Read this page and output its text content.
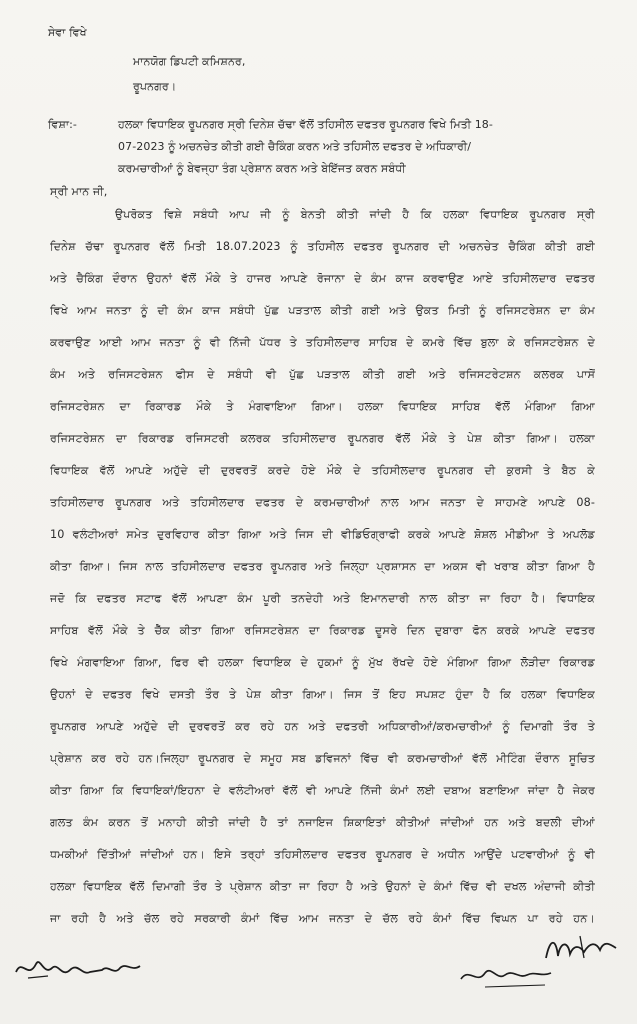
ਸੇਵਾ ਵਿਖੇ
ਮਾਨਯੋਗ ਡਿਪਟੀ ਕਮਿਸ਼ਨਰ,
ਰੂਪਨਗਰ।
ਵਿਸ਼ਾ:-	ਹਲਕਾ ਵਿਧਾਇਕ ਰੂਪਨਗਰ ਸ੍ਰੀ ਦਿਨੇਸ਼ ਚੱਢਾ ਵੱਲੋਂ ਤਹਿਸੀਲ ਦਫਤਰ ਰੂਪਨਗਰ ਵਿਖੇ ਮਿਤੀ 18-
07-2023 ਨੂੰ ਅਚਨਚੇਤ ਕੀਤੀ ਗਈ ਚੈਕਿੰਗ ਕਰਨ ਅਤੇ ਤਹਿਸੀਲ ਦਫਤਰ ਦੇ ਅਧਿਕਾਰੀ/
ਕਰਮਚਾਰੀਆਂ ਨੂੰ ਬੇਵਜ੍ਹਾ ਤੰਗ ਪ੍ਰੇਸ਼ਾਨ ਕਰਨ ਅਤੇ ਬੇਇੱਜਤ ਕਰਨ ਸਬੰਧੀ
ਸ੍ਰੀ ਮਾਨ ਜੀ,
ਉਪਰੋਕਤ ਵਿਸ਼ੇ ਸਬੰਧੀ ਆਪ ਜੀ ਨੂੰ ਬੇਨਤੀ ਕੀਤੀ ਜਾਂਦੀ ਹੈ ਕਿ ਹਲਕਾ ਵਿਧਾਇਕ ਰੂਪਨਗਰ ਸ੍ਰੀ
ਦਿਨੇਸ਼ ਚੱਢਾ ਰੂਪਨਗਰ ਵੱਲੋਂ ਮਿਤੀ 18.07.2023 ਨੂੰ ਤਹਿਸੀਲ ਦਫਤਰ ਰੂਪਨਗਰ ਦੀ ਅਚਨਚੇਤ ਚੈਕਿੰਗ ਕੀਤੀ ਗਈ
ਅਤੇ ਚੈਕਿੰਗ ਦੌਰਾਨ ਉਹਨਾਂ ਵੱਲੋਂ ਮੌਕੇ ਤੇ ਹਾਜਰ ਆਪਣੇ ਰੋਜਾਨਾ ਦੇ ਕੰਮ ਕਾਜ ਕਰਵਾਉਣ ਆਏ ਤਹਿਸੀਲਦਾਰ ਦਫਤਰ
ਵਿਖੇ ਆਮ ਜਨਤਾ ਨੂੰ ਦੀ ਕੰਮ ਕਾਜ ਸਬੰਧੀ ਪੁੱਛ ਪੜਤਾਲ ਕੀਤੀ ਗਈ ਅਤੇ ਉਕਤ ਮਿਤੀ ਨੂੰ ਰਜਿਸਟਰੇਸ਼ਨ ਦਾ ਕੰਮ
ਕਰਵਾਉਣ ਆਈ ਆਮ ਜਨਤਾ ਨੂੰ ਵੀ ਨਿੱਜੀ ਪੱਧਰ ਤੇ ਤਹਿਸੀਲਦਾਰ ਸਾਹਿਬ ਦੇ ਕਮਰੇ ਵਿੱਚ ਬੁਲਾ ਕੇ ਰਜਿਸਟਰੇਸ਼ਨ ਦੇ
ਕੰਮ ਅਤੇ ਰਜਿਸਟਰੇਸ਼ਨ ਫੀਸ ਦੇ ਸਬੰਧੀ ਵੀ ਪੁੱਛ ਪੜਤਾਲ ਕੀਤੀ ਗਈ ਅਤੇ ਰਜਿਸਟਰੇਟਸ਼ਨ ਕਲਰਕ ਪਾਸੋਂ
ਰਜਿਸਟਰੇਸ਼ਨ ਦਾ ਰਿਕਾਰਡ ਮੌਕੇ ਤੇ ਮੰਗਵਾਇਆ ਗਿਆ। ਹਲਕਾ ਵਿਧਾਇਕ ਸਾਹਿਬ ਵੱਲੋਂ ਮੰਗਿਆ ਗਿਆ
ਰਜਿਸਟਰੇਸ਼ਨ ਦਾ ਰਿਕਾਰਡ ਰਜਿਸਟਰੀ ਕਲਰਕ ਤਹਿਸੀਲਦਾਰ ਰੂਪਨਗਰ ਵੱਲੋਂ ਮੌਕੇ ਤੇ ਪੇਸ਼ ਕੀਤਾ ਗਿਆ। ਹਲਕਾ
ਵਿਧਾਇਕ ਵੱਲੋਂ ਆਪਣੇ ਅਹੁੱਦੇ ਦੀ ਦੁਰਵਰਤੋਂ ਕਰਦੇ ਹੋਏ ਮੌਕੇ ਦੇ ਤਹਿਸੀਲਦਾਰ ਰੂਪਨਗਰ ਦੀ ਕੁਰਸੀ ਤੇ ਬੈਠ ਕੇ
ਤਹਿਸੀਲਦਾਰ ਰੂਪਨਗਰ ਅਤੇ ਤਹਿਸੀਲਦਾਰ ਦਫਤਰ ਦੇ ਕਰਮਚਾਰੀਆਂ ਨਾਲ ਆਮ ਜਨਤਾ ਦੇ ਸਾਹਮਣੇ ਆਪਣੇ 08-
10 ਵਲੰਟੀਅਰਾਂ ਸਮੇਤ ਦੁਰਵਿਹਾਰ ਕੀਤਾ ਗਿਆ ਅਤੇ ਜਿਸ ਦੀ ਵੀਡਿਓਗ੍ਰਾਫੀ ਕਰਕੇ ਆਪਣੇ ਸ਼ੋਸ਼ਲ ਮੀਡੀਆ ਤੇ ਅਪਲੋਡ
ਕੀਤਾ ਗਿਆ। ਜਿਸ ਨਾਲ ਤਹਿਸੀਲਦਾਰ ਦਫਤਰ ਰੂਪਨਗਰ ਅਤੇ ਜਿਲ੍ਹਾ ਪ੍ਰਸ਼ਾਸਨ ਦਾ ਅਕਸ ਵੀ ਖਰਾਬ ਕੀਤਾ ਗਿਆ ਹੈ
ਜਦੋ ਕਿ ਦਫਤਰ ਸਟਾਫ ਵੱਲੋਂ ਆਪਣਾ ਕੰਮ ਪੂਰੀ ਤਨਦੇਹੀ ਅਤੇ ਇਮਾਨਦਾਰੀ ਨਾਲ ਕੀਤਾ ਜਾ ਰਿਹਾ ਹੈ। ਵਿਧਾਇਕ
ਸਾਹਿਬ ਵੱਲੋਂ ਮੌਕੇ ਤੇ ਚੈੱਕ ਕੀਤਾ ਗਿਆ ਰਜਿਸਟਰੇਸ਼ਨ ਦਾ ਰਿਕਾਰਡ ਦੂਸਰੇ ਦਿਨ ਦੁਬਾਰਾ ਫੋਨ ਕਰਕੇ ਆਪਣੇ ਦਫਤਰ
ਵਿਖੇ ਮੰਗਵਾਇਆ ਗਿਆ, ਫਿਰ ਵੀ ਹਲਕਾ ਵਿਧਾਇਕ ਦੇ ਹੁਕਮਾਂ ਨੂੰ ਮੁੱਖ ਰੱਖਦੇ ਹੋਏ ਮੰਗਿਆ ਗਿਆ ਲੋੜੀਦਾ ਰਿਕਾਰਡ
ਉਹਨਾਂ ਦੇ ਦਫਤਰ ਵਿਖੇ ਦਸਤੀ ਤੌਰ ਤੇ ਪੇਸ਼ ਕੀਤਾ ਗਿਆ। ਜਿਸ ਤੋਂ ਇਹ ਸਪਸ਼ਟ ਹੁੰਦਾ ਹੈ ਕਿ ਹਲਕਾ ਵਿਧਾਇਕ
ਰੂਪਨਗਰ ਆਪਣੇ ਅਹੁੱਦੇ ਦੀ ਦੁਰਵਰਤੋਂ ਕਰ ਰਹੇ ਹਨ ਅਤੇ ਦਫਤਰੀ ਅਧਿਕਾਰੀਆਂ/ਕਰਮਚਾਰੀਆਂ ਨੂੰ ਦਿਮਾਗੀ ਤੌਰ ਤੇ
ਪ੍ਰੇਸ਼ਾਨ ਕਰ ਰਹੇ ਹਨ।ਜਿਲ੍ਹਾ ਰੂਪਨਗਰ ਦੇ ਸਮੂਹ ਸਬ ਡਵਿਜਨਾਂ ਵਿੱਚ ਵੀ ਕਰਮਚਾਰੀਆਂ ਵੱਲੋਂ ਮੀਟਿੰਗ ਦੌਰਾਨ ਸੂਚਿਤ
ਕੀਤਾ ਗਿਆ ਕਿ ਵਿਧਾਇਕਾਂ/ਇਹਨਾ ਦੇ ਵਲੰਟੀਅਰਾਂ ਵੱਲੋਂ ਵੀ ਆਪਣੇ ਨਿੱਜੀ ਕੰਮਾਂ ਲਈ ਦਬਾਅ ਬਣਾਇਆ ਜਾਂਦਾ ਹੈ ਜੇਕਰ
ਗਲਤ ਕੰਮ ਕਰਨ ਤੋਂ ਮਨਾਹੀ ਕੀਤੀ ਜਾਂਦੀ ਹੈ ਤਾਂ ਨਜਾਇਜ ਸ਼ਿਕਾਇਤਾਂ ਕੀਤੀਆਂ ਜਾਂਦੀਆਂ ਹਨ ਅਤੇ ਬਦਲੀ ਦੀਆਂ
ਧਮਕੀਆਂ ਦਿੱਤੀਆਂ ਜਾਂਦੀਆਂ ਹਨ। ਇਸੇ ਤਰ੍ਹਾਂ ਤਹਿਸੀਲਦਾਰ ਦਫਤਰ ਰੂਪਨਗਰ ਦੇ ਅਧੀਨ ਆਉਂਦੇ ਪਟਵਾਰੀਆਂ ਨੂੰ ਵੀ
ਹਲਕਾ ਵਿਧਾਇਕ ਵੱਲੋਂ ਦਿਮਾਗੀ ਤੌਰ ਤੇ ਪ੍ਰੇਸ਼ਾਨ ਕੀਤਾ ਜਾ ਰਿਹਾ ਹੈ ਅਤੇ ਉਹਨਾਂ ਦੇ ਕੰਮਾਂ ਵਿੱਚ ਵੀ ਦਖਲ ਅੰਦਾਜੀ ਕੀਤੀ
ਜਾ ਰਹੀ ਹੈ ਅਤੇ ਚੱਲ ਰਹੇ ਸਰਕਾਰੀ ਕੰਮਾਂ ਵਿੱਚ ਆਮ ਜਨਤਾ ਦੇ ਚੱਲ ਰਹੇ ਕੰਮਾਂ ਵਿੱਚ ਵਿਘਨ ਪਾ ਰਹੇ ਹਨ।
